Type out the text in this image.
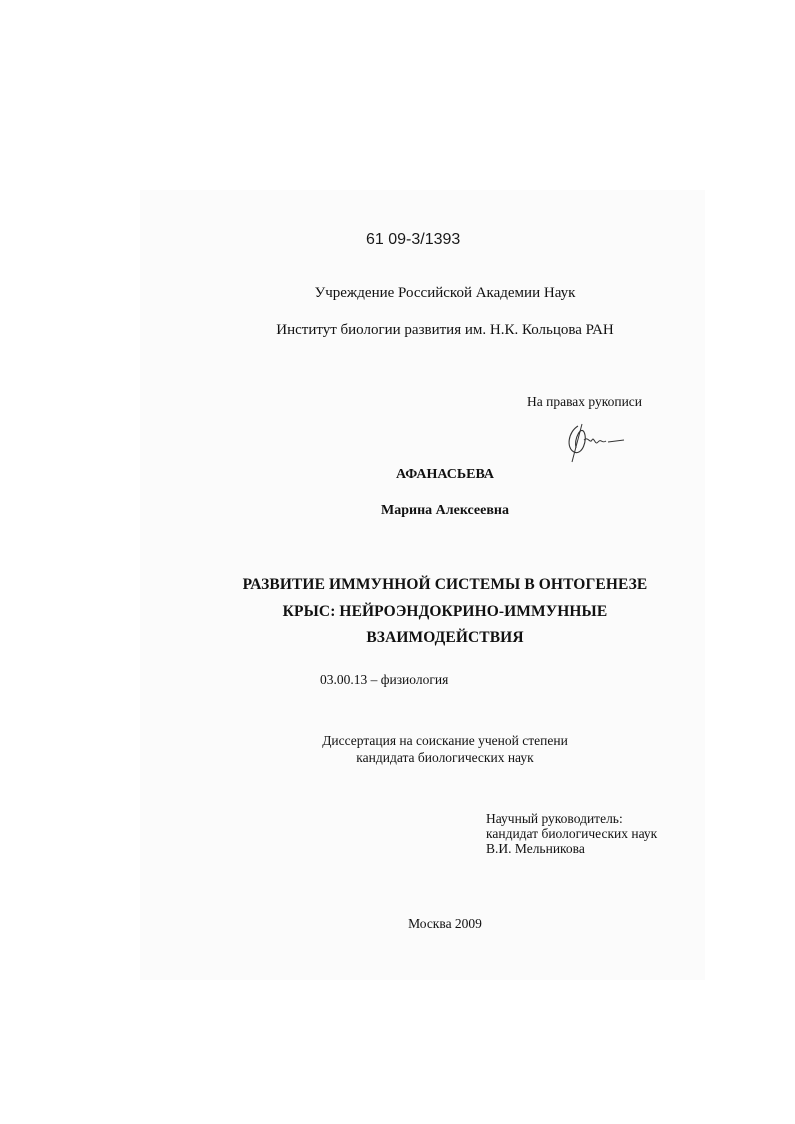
61 09-3/1393
Учреждение Российской Академии Наук
Институт биологии развития им. Н.К. Кольцова РАН
На правах рукописи
АФАНАСЬЕВА
Марина Алексеевна
РАЗВИТИЕ ИММУННОЙ СИСТЕМЫ В ОНТОГЕНЕЗЕ
КРЫС: НЕЙРОЭНДОКРИНО-ИММУННЫЕ
ВЗАИМОДЕЙСТВИЯ
03.00.13 – физиология
Диссертация на соискание ученой степени
кандидата биологических наук
Научный руководитель:
кандидат биологических наук
В.И. Мельникова
Москва 2009
